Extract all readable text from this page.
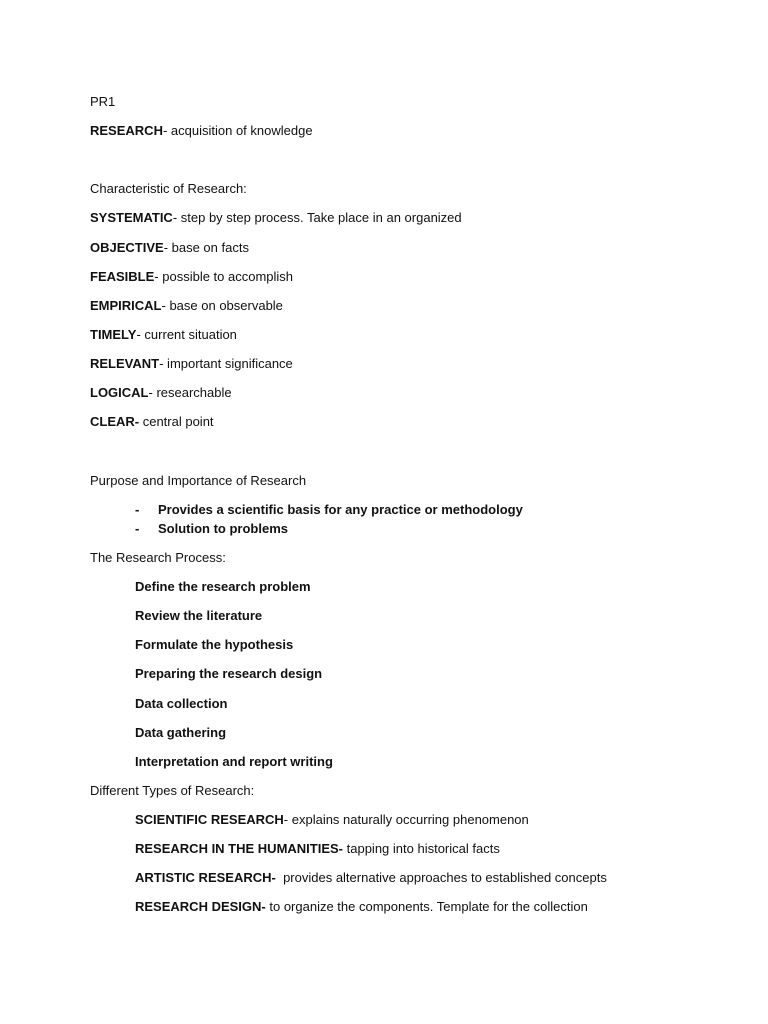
PR1
RESEARCH- acquisition of knowledge
Characteristic of Research:
SYSTEMATIC- step by step process. Take place in an organized
OBJECTIVE- base on facts
FEASIBLE- possible to accomplish
EMPIRICAL- base on observable
TIMELY- current situation
RELEVANT- important significance
LOGICAL- researchable
CLEAR- central point
Purpose and Importance of Research
- Provides a scientific basis for any practice or methodology
- Solution to problems
The Research Process:
Define the research problem
Review the literature
Formulate the hypothesis
Preparing the research design
Data collection
Data gathering
Interpretation and report writing
Different Types of Research:
SCIENTIFIC RESEARCH- explains naturally occurring phenomenon
RESEARCH IN THE HUMANITIES- tapping into historical facts
ARTISTIC RESEARCH-  provides alternative approaches to established concepts
RESEARCH DESIGN- to organize the components. Template for the collection
